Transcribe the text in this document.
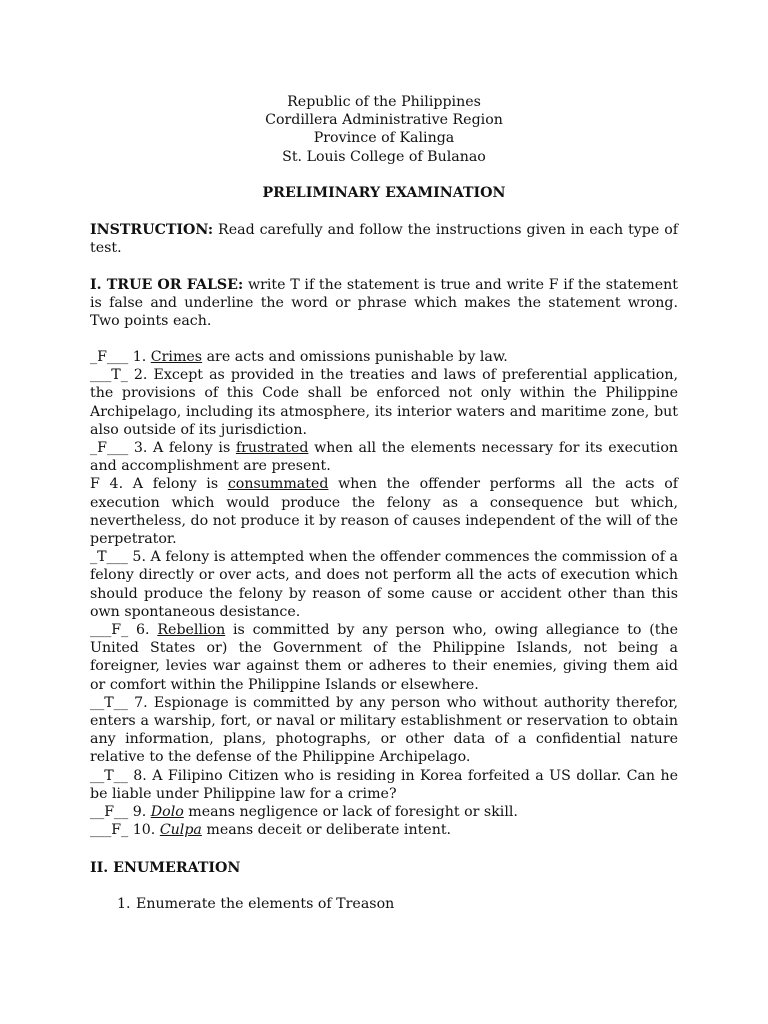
Republic of the Philippines
Cordillera Administrative Region
Province of Kalinga
St. Louis College of Bulanao
PRELIMINARY EXAMINATION
INSTRUCTION: Read carefully and follow the instructions given in each type of test.
I. TRUE OR FALSE: write T if the statement is true and write F if the statement is false and underline the word or phrase which makes the statement wrong. Two points each.

_F___ 1. Crimes are acts and omissions punishable by law.

___T_ 2. Except as provided in the treaties and laws of preferential application, the provisions of this Code shall be enforced not only within the Philippine Archipelago, including its atmosphere, its interior waters and maritime zone, but also outside of its jurisdiction.

_F___ 3. A felony is frustrated when all the elements necessary for its execution and accomplishment are present.

F 4. A felony is consummated when the offender performs all the acts of execution which would produce the felony as a consequence but which, nevertheless, do not produce it by reason of causes independent of the will of the perpetrator.

_T___ 5. A felony is attempted when the offender commences the commission of a felony directly or over acts, and does not perform all the acts of execution which should produce the felony by reason of some cause or accident other than this own spontaneous desistance.

___F_ 6. Rebellion is committed by any person who, owing allegiance to (the United States or) the Government of the Philippine Islands, not being a foreigner, levies war against them or adheres to their enemies, giving them aid or comfort within the Philippine Islands or elsewhere.

__T__ 7. Espionage is committed by any person who without authority therefor, enters a warship, fort, or naval or military establishment or reservation to obtain any information, plans, photographs, or other data of a confidential nature relative to the defense of the Philippine Archipelago.

__T__ 8. A Filipino Citizen who is residing in Korea forfeited a US dollar. Can he be liable under Philippine law for a crime?

__F__ 9. Dolo means negligence or lack of foresight or skill.

___F_ 10. Culpa means deceit or deliberate intent.

II. ENUMERATION
1. Enumerate the elements of Treason
